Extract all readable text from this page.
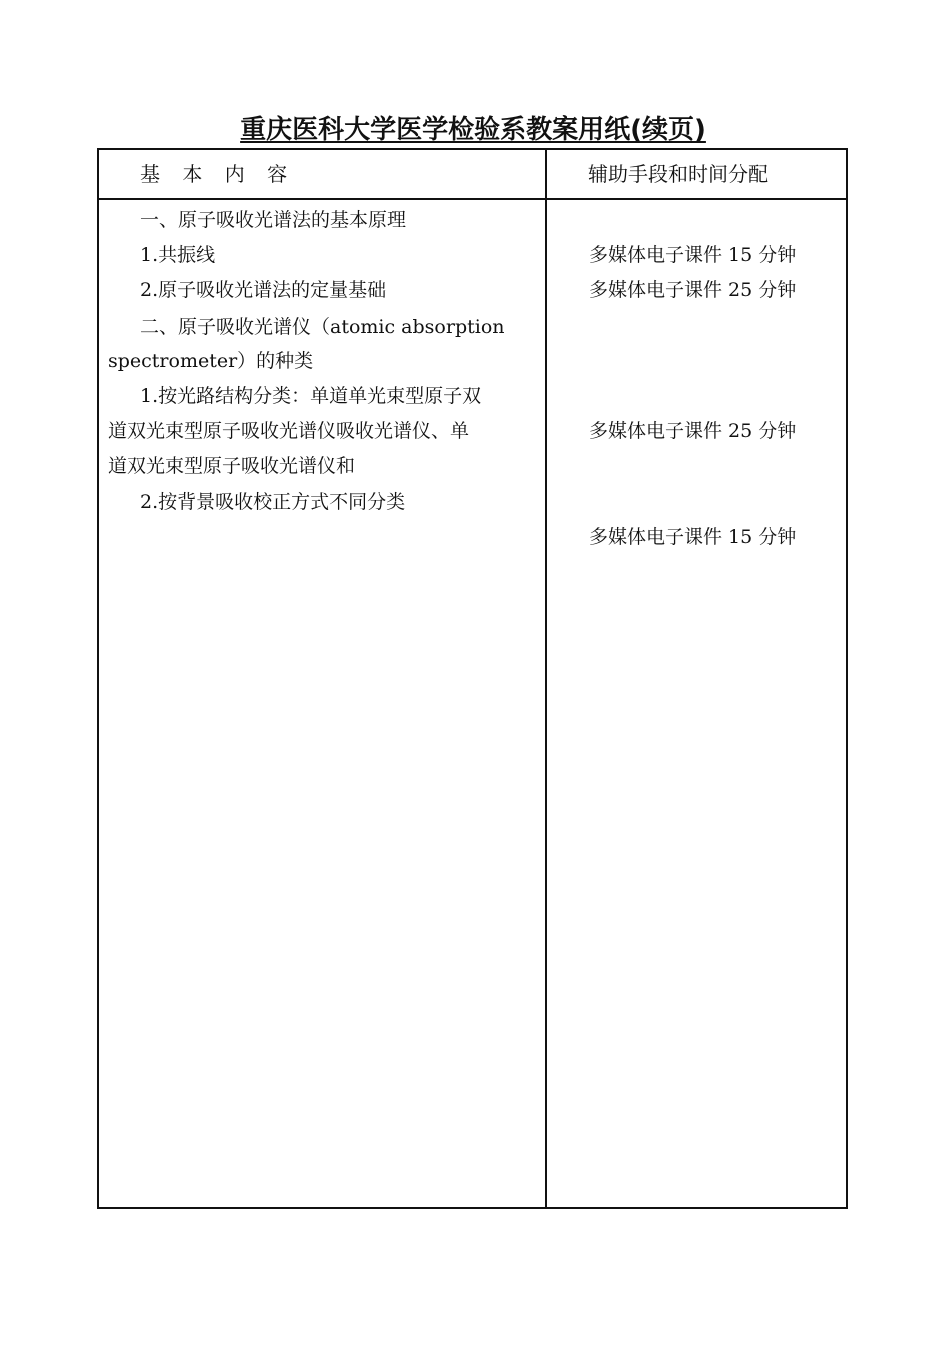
重庆医科大学医学检验系教案用纸(续页)
基 本 内 容	辅助手段和时间分配
一、原子吸收光谱法的基本原理
1.共振线
2.原子吸收光谱法的定量基础
二、原子吸收光谱仪（atomic absorption
spectrometer）的种类
1.按光路结构分类：单道单光束型原子双
道双光束型原子吸收光谱仪吸收光谱仪、单
道双光束型原子吸收光谱仪和
2.按背景吸收校正方式不同分类
多媒体电子课件 15 分钟
多媒体电子课件 25 分钟
多媒体电子课件 25 分钟
多媒体电子课件 15 分钟
